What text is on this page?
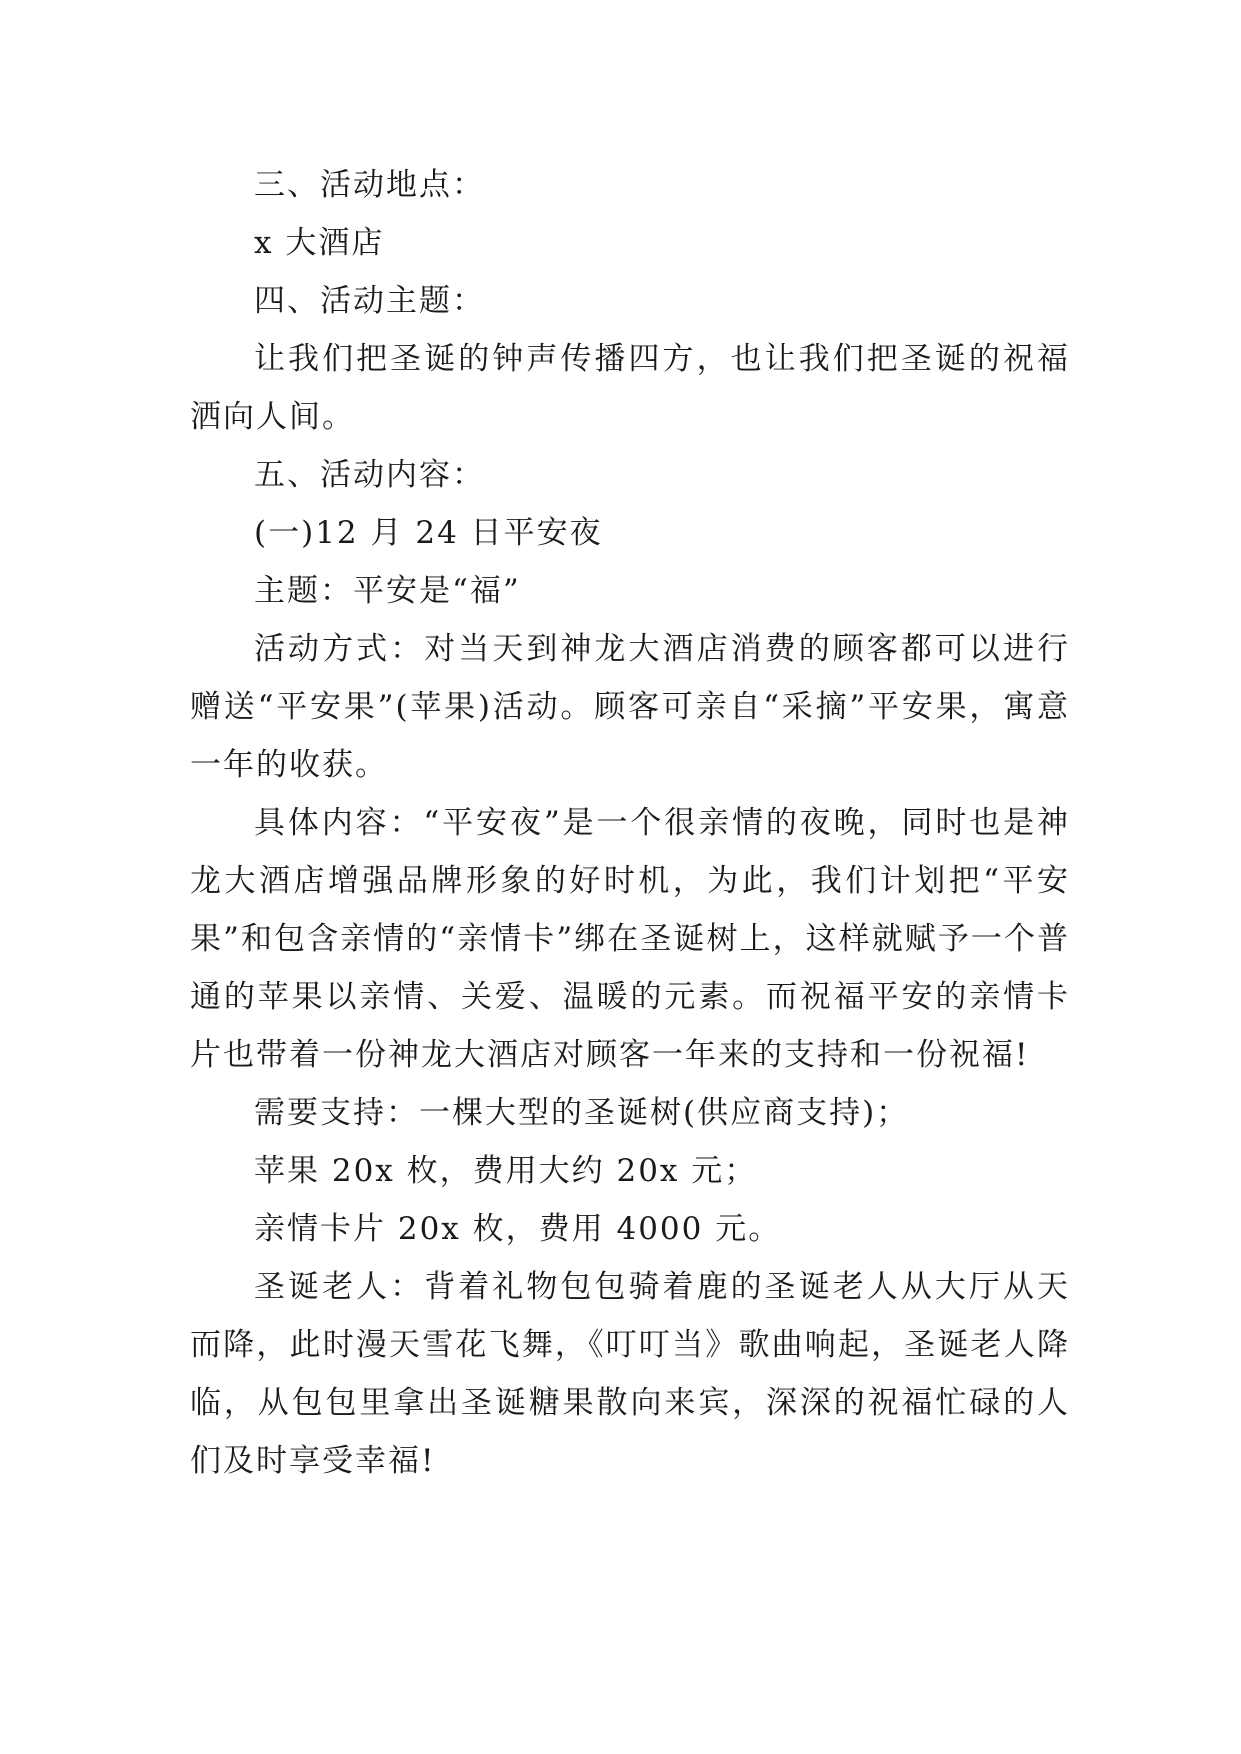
三、活动地点：

x 大酒店

四、活动主题：

让我们把圣诞的钟声传播四方，也让我们把圣诞的祝福洒向人间。

五、活动内容：

(一)12 月 24 日平安夜

主题：平安是“福”

活动方式：对当天到神龙大酒店消费的顾客都可以进行赠送“平安果”(苹果)活动。顾客可亲自“采摘”平安果，寓意一年的收获。

具体内容：“平安夜”是一个很亲情的夜晚，同时也是神龙大酒店增强品牌形象的好时机，为此，我们计划把“平安果”和包含亲情的“亲情卡”绑在圣诞树上，这样就赋予一个普通的苹果以亲情、关爱、温暖的元素。而祝福平安的亲情卡片也带着一份神龙大酒店对顾客一年来的支持和一份祝福!

需要支持：一棵大型的圣诞树(供应商支持)；

苹果 20x 枚，费用大约 20x 元；

亲情卡片 20x 枚，费用 4000 元。

圣诞老人：背着礼物包包骑着鹿的圣诞老人从大厅从天而降，此时漫天雪花飞舞，《叮叮当》歌曲响起，圣诞老人降临，从包包里拿出圣诞糖果散向来宾，深深的祝福忙碌的人们及时享受幸福!
